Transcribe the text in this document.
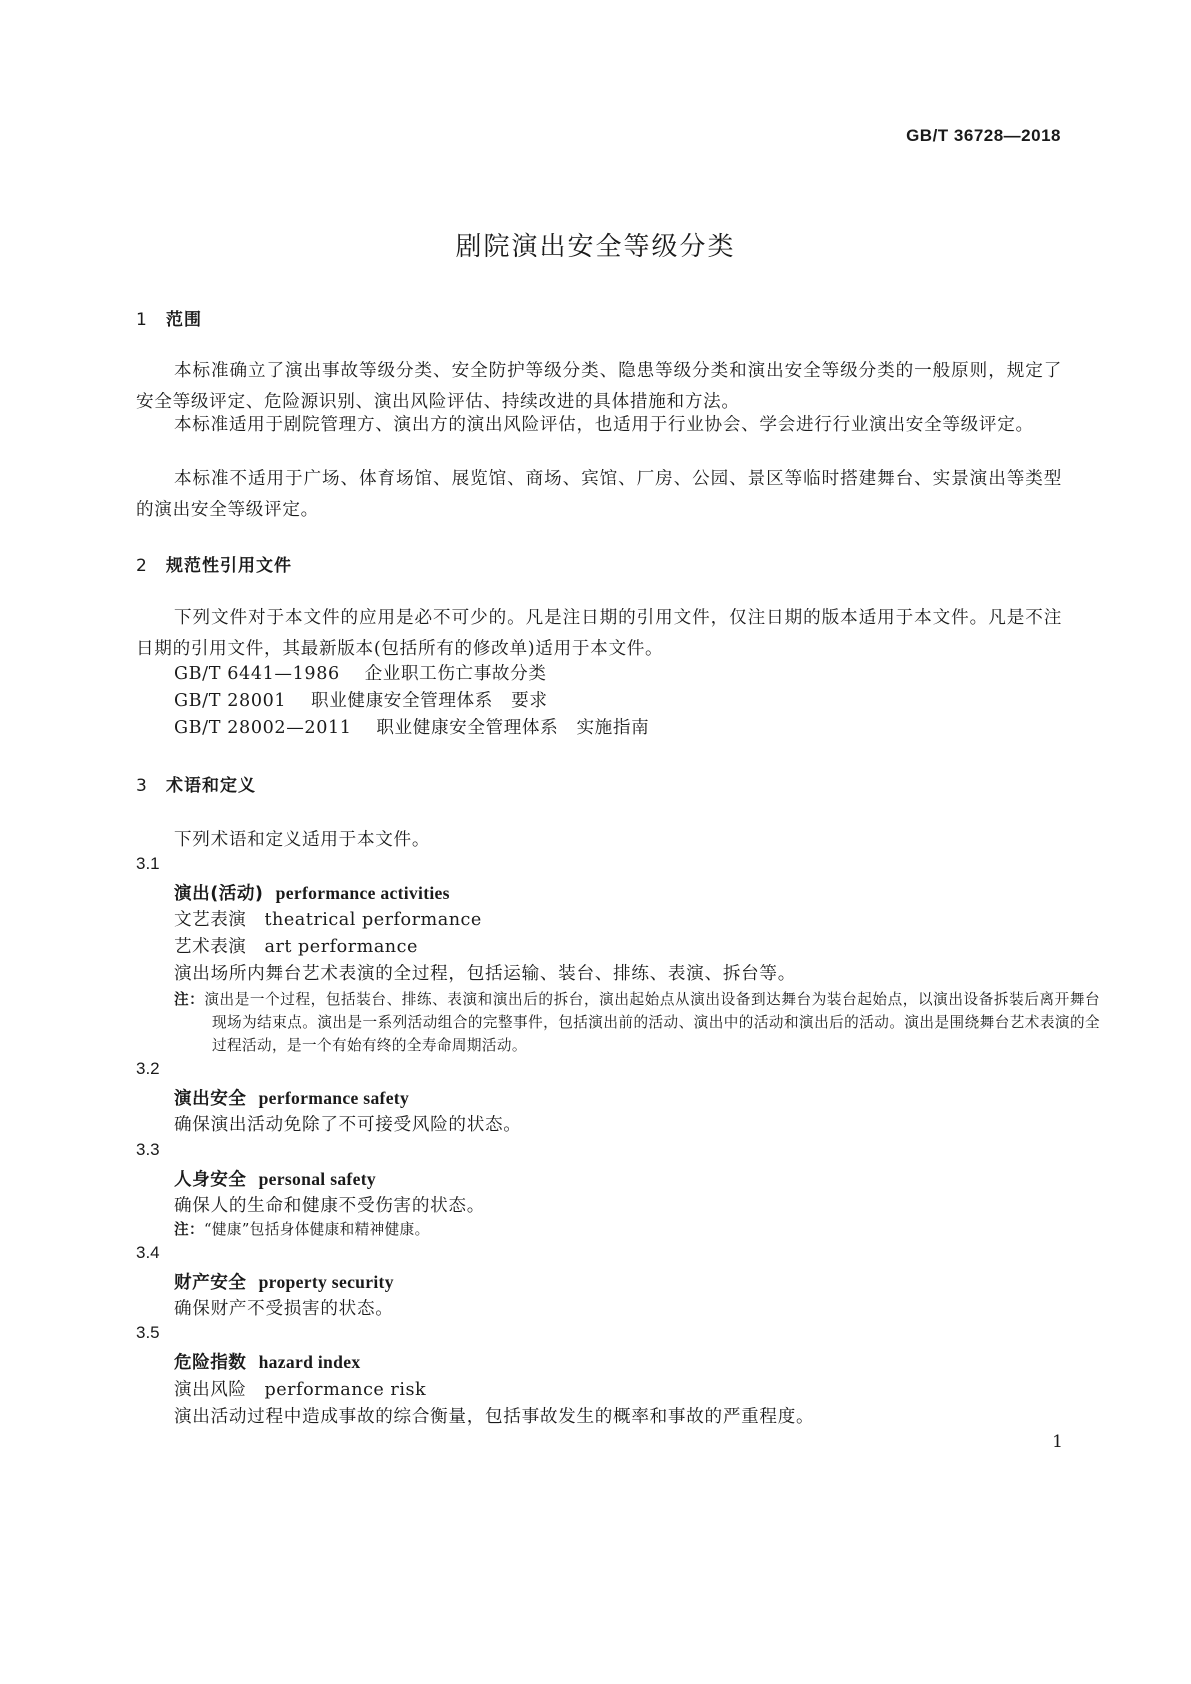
GB/T 36728—2018
剧院演出安全等级分类
1 范围

本标准确立了演出事故等级分类、安全防护等级分类、隐患等级分类和演出安全等级分类的一般原则，规定了安全等级评定、危险源识别、演出风险评估、持续改进的具体措施和方法。

本标准适用于剧院管理方、演出方的演出风险评估，也适用于行业协会、学会进行行业演出安全等级评定。

本标准不适用于广场、体育场馆、展览馆、商场、宾馆、厂房、公园、景区等临时搭建舞台、实景演出等类型的演出安全等级评定。

2 规范性引用文件

下列文件对于本文件的应用是必不可少的。凡是注日期的引用文件，仅注日期的版本适用于本文件。凡是不注日期的引用文件，其最新版本(包括所有的修改单)适用于本文件。

GB/T 6441—1986 企业职工伤亡事故分类
GB/T 28001 职业健康安全管理体系　要求
GB/T 28002—2011 职业健康安全管理体系　实施指南
3 术语和定义
下列术语和定义适用于本文件。
3.1
演出(活动) performance activities
文艺表演　theatrical performance
艺术表演　art performance
演出场所内舞台艺术表演的全过程，包括运输、装台、排练、表演、拆台等。

注：演出是一个过程，包括装台、排练、表演和演出后的拆台，演出起始点从演出设备到达舞台为装台起始点，以演出设备拆装后离开舞台现场为结束点。演出是一系列活动组合的完整事件，包括演出前的活动、演出中的活动和演出后的活动。演出是围绕舞台艺术表演的全过程活动，是一个有始有终的全寿命周期活动。

3.2
演出安全 performance safety
确保演出活动免除了不可接受风险的状态。
3.3
人身安全 personal safety
确保人的生命和健康不受伤害的状态。

注：“健康”包括身体健康和精神健康。

3.4
财产安全 property security
确保财产不受损害的状态。
3.5
危险指数 hazard index
演出风险　performance risk
演出活动过程中造成事故的综合衡量，包括事故发生的概率和事故的严重程度。
1
